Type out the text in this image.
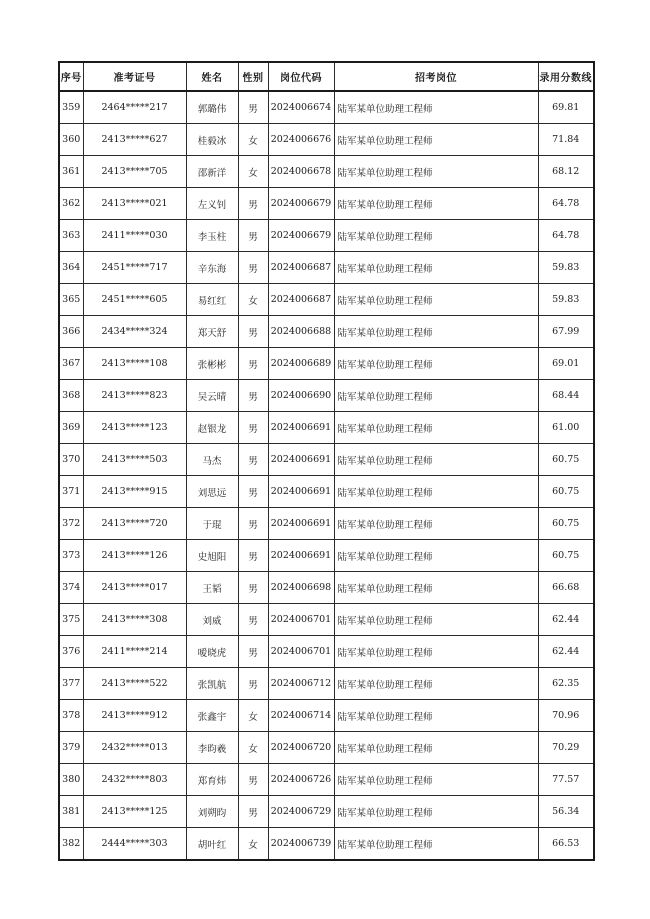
序号	准考证号	姓名	性别	岗位代码	招考岗位	录用分数线
359	2464*****217	郭璐伟	男	2024006674	陆军某单位助理工程师	69.81
360	2413*****627	桂毅冰	女	2024006676	陆军某单位助理工程师	71.84
361	2413*****705	邵新洋	女	2024006678	陆军某单位助理工程师	68.12
362	2413*****021	左义钊	男	2024006679	陆军某单位助理工程师	64.78
363	2411*****030	李玉柱	男	2024006679	陆军某单位助理工程师	64.78
364	2451*****717	辛东海	男	2024006687	陆军某单位助理工程师	59.83
365	2451*****605	易红红	女	2024006687	陆军某单位助理工程师	59.83
366	2434*****324	郑天舒	男	2024006688	陆军某单位助理工程师	67.99
367	2413*****108	张彬彬	男	2024006689	陆军某单位助理工程师	69.01
368	2413*****823	吴云晴	男	2024006690	陆军某单位助理工程师	68.44
369	2413*****123	赵银龙	男	2024006691	陆军某单位助理工程师	61.00
370	2413*****503	马杰	男	2024006691	陆军某单位助理工程师	60.75
371	2413*****915	刘思远	男	2024006691	陆军某单位助理工程师	60.75
372	2413*****720	于琨	男	2024006691	陆军某单位助理工程师	60.75
373	2413*****126	史旭阳	男	2024006691	陆军某单位助理工程师	60.75
374	2413*****017	王韬	男	2024006698	陆军某单位助理工程师	66.68
375	2413*****308	刘威	男	2024006701	陆军某单位助理工程师	62.44
376	2411*****214	嗳晓虎	男	2024006701	陆军某单位助理工程师	62.44
377	2413*****522	张凯航	男	2024006712	陆军某单位助理工程师	62.35
378	2413*****912	张鑫宇	女	2024006714	陆军某单位助理工程师	70.96
379	2432*****013	李昀羲	女	2024006720	陆军某单位助理工程师	70.29
380	2432*****803	郑育炜	男	2024006726	陆军某单位助理工程师	77.57
381	2413*****125	刘朔昀	男	2024006729	陆军某单位助理工程师	56.34
382	2444*****303	胡叶红	女	2024006739	陆军某单位助理工程师	66.53
